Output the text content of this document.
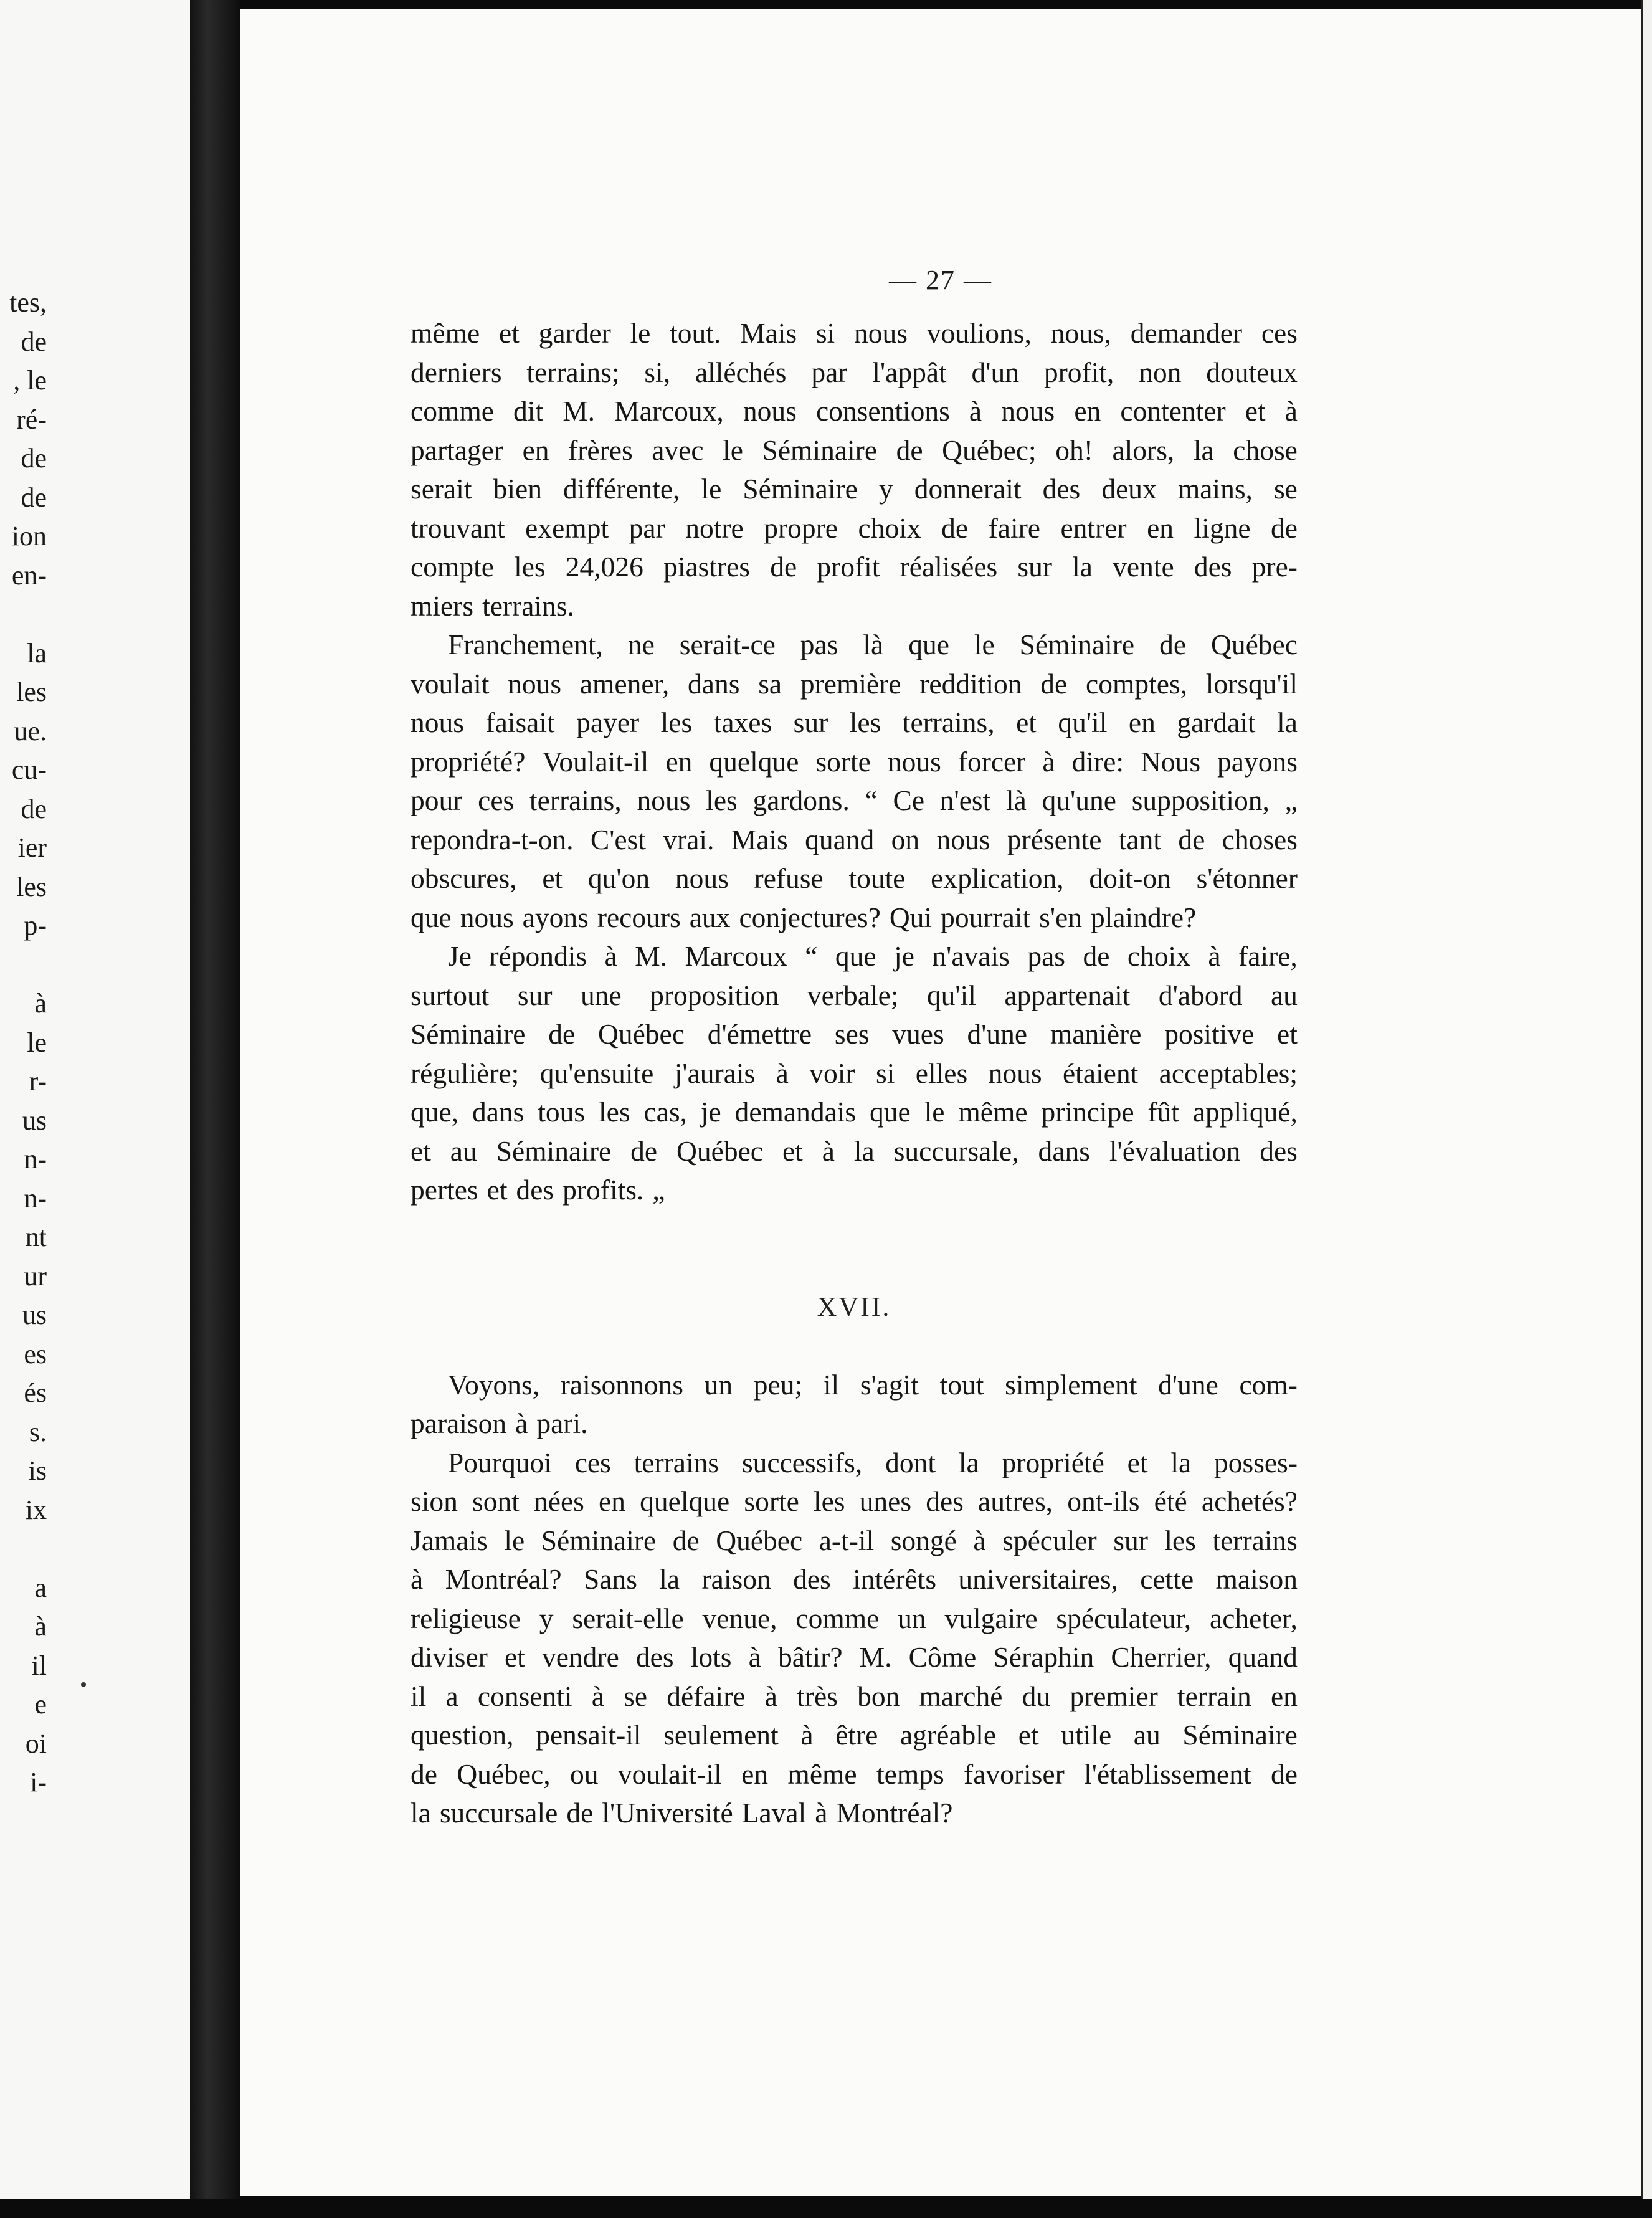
tes,
de
, le
ré-
de
de
ion
en-
la
les
ue.
cu-
de
ier
les
p-
à
le
r-
us
n-
n-
nt
ur
us
es
és
s.
is
ix
a
à
il
e
oi
i-
— 27 —
même et garder le tout. Mais si nous voulions, nous, demander ces
derniers terrains; si, alléchés par l'appât d'un profit, non douteux
comme dit M. Marcoux, nous consentions à nous en contenter et à
partager en frères avec le Séminaire de Québec; oh! alors, la chose
serait bien différente, le Séminaire y donnerait des deux mains, se
trouvant exempt par notre propre choix de faire entrer en ligne de
compte les 24,026 piastres de profit réalisées sur la vente des pre-
miers terrains.
Franchement, ne serait-ce pas là que le Séminaire de Québec
voulait nous amener, dans sa première reddition de comptes, lorsqu'il
nous faisait payer les taxes sur les terrains, et qu'il en gardait la
propriété? Voulait-il en quelque sorte nous forcer à dire: Nous payons
pour ces terrains, nous les gardons. “ Ce n'est là qu'une supposition, „
repondra-t-on. C'est vrai. Mais quand on nous présente tant de choses
obscures, et qu'on nous refuse toute explication, doit-on s'étonner
que nous ayons recours aux conjectures? Qui pourrait s'en plaindre?
Je répondis à M. Marcoux “ que je n'avais pas de choix à faire,
surtout sur une proposition verbale; qu'il appartenait d'abord au
Séminaire de Québec d'émettre ses vues d'une manière positive et
régulière; qu'ensuite j'aurais à voir si elles nous étaient acceptables;
que, dans tous les cas, je demandais que le même principe fût appliqué,
et au Séminaire de Québec et à la succursale, dans l'évaluation des
pertes et des profits. „
XVII.
Voyons, raisonnons un peu; il s'agit tout simplement d'une com-
paraison à pari.
Pourquoi ces terrains successifs, dont la propriété et la posses-
sion sont nées en quelque sorte les unes des autres, ont-ils été achetés?
Jamais le Séminaire de Québec a-t-il songé à spéculer sur les terrains
à Montréal? Sans la raison des intérêts universitaires, cette maison
religieuse y serait-elle venue, comme un vulgaire spéculateur, acheter,
diviser et vendre des lots à bâtir? M. Côme Séraphin Cherrier, quand
il a consenti à se défaire à très bon marché du premier terrain en
question, pensait-il seulement à être agréable et utile au Séminaire
de Québec, ou voulait-il en même temps favoriser l'établissement de
la succursale de l'Université Laval à Montréal?
